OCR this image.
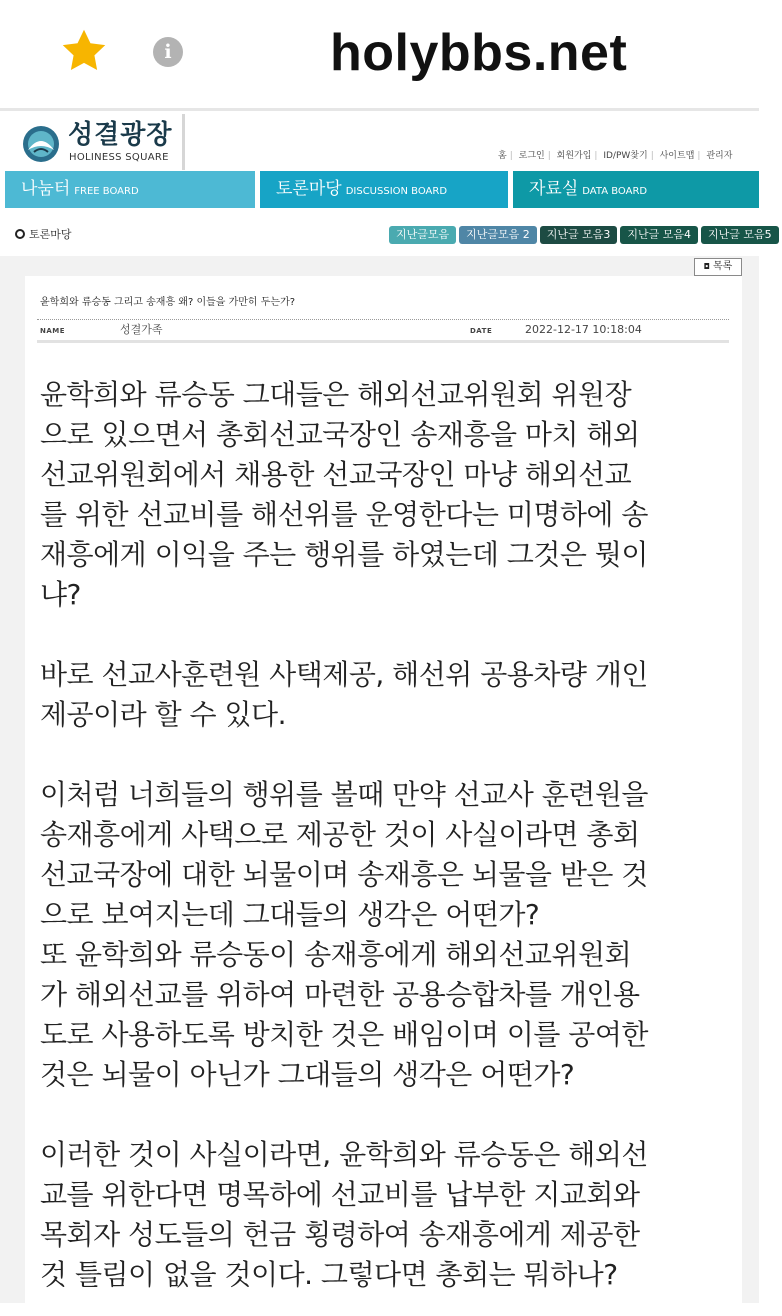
i	holybbs.net
성결광장
HOLINESS SQUARE	홈 | 로그인 | 회원가입 | ID/PW찾기 | 사이트맵 | 관리자
나눔터 FREE BOARD	토론마당 DISCUSSION BOARD	자료실 DATA BOARD
토론마당	지난글모음 지난글모음 2 지난글 모음3 지난글 모음4 지난글 모음5
◘ 목록
윤학희와 류승동 그리고 송재흥 왜? 이들을 가만히 두는가?
NAME	성결가족	DATE	2022-12-17 10:18:04

윤학희와 류승동 그대들은 해외선교위원회 위원장

으로 있으면서 총회선교국장인 송재흥을 마치 해외

선교위원회에서 채용한 선교국장인 마냥 해외선교

를 위한 선교비를 해선위를 운영한다는 미명하에 송

재흥에게 이익을 주는 행위를 하였는데 그것은 뭣이

냐?

바로 선교사훈련원 사택제공, 해선위 공용차량 개인

제공이라 할 수 있다.

이처럼 너희들의 행위를 볼때 만약 선교사 훈련원을

송재흥에게 사택으로 제공한 것이 사실이라면 총회

선교국장에 대한 뇌물이며 송재흥은 뇌물을 받은 것

으로 보여지는데 그대들의 생각은 어떤가?

또 윤학희와 류승동이 송재흥에게 해외선교위원회

가 해외선교를 위하여 마련한 공용승합차를 개인용

도로 사용하도록 방치한 것은 배임이며 이를 공여한

것은 뇌물이 아닌가 그대들의 생각은 어떤가?

이러한 것이 사실이라면, 윤학희와 류승동은 해외선

교를 위한다면 명목하에 선교비를 납부한 지교회와

목회자 성도들의 헌금 횡령하여 송재흥에게 제공한

것 틀림이 없을 것이다. 그렇다면 총회는 뭐하나?
